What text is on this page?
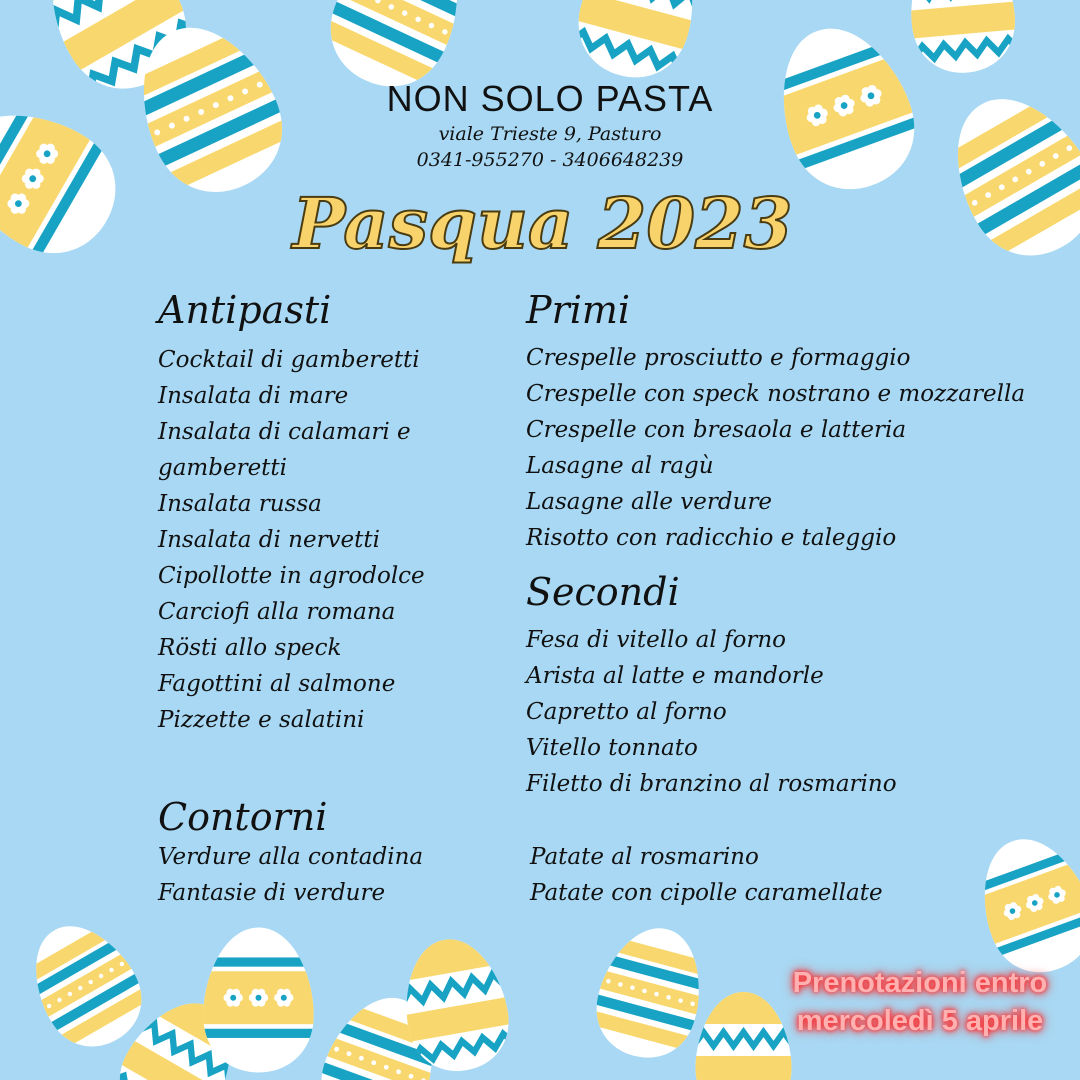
NON SOLO PASTA
viale Trieste 9, Pasturo
0341-955270 - 3406648239
Pasqua 2023
Antipasti
Cocktail di gamberetti
Insalata di mare
Insalata di calamari e
gamberetti
Insalata russa
Insalata di nervetti
Cipollotte in agrodolce
Carciofi alla romana
Rösti allo speck
Fagottini al salmone
Pizzette e salatini
Primi
Crespelle prosciutto e formaggio
Crespelle con speck nostrano e mozzarella
Crespelle con bresaola e latteria
Lasagne al ragù
Lasagne alle verdure
Risotto con radicchio e taleggio
Secondi
Fesa di vitello al forno
Arista al latte e mandorle
Capretto al forno
Vitello tonnato
Filetto di branzino al rosmarino
Contorni
Verdure alla contadina
Fantasie di verdure
Patate al rosmarino
Patate con cipolle caramellate
Prenotazioni entro
mercoledì 5 aprile
